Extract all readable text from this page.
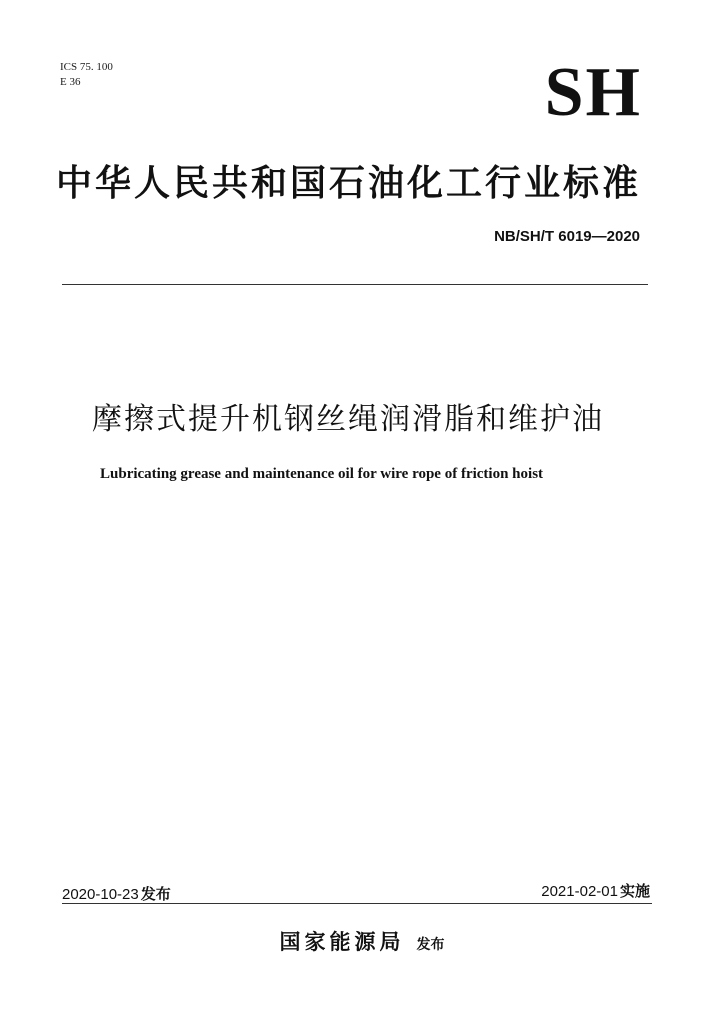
ICS 75. 100
E 36	SH
中华人民共和国石油化工行业标准
NB/SH/T 6019—2020
摩擦式提升机钢丝绳润滑脂和维护油
Lubricating grease and maintenance oil for wire rope of friction hoist
2020-10-23 发布	2021-02-01 实施
国家能源局 发布
